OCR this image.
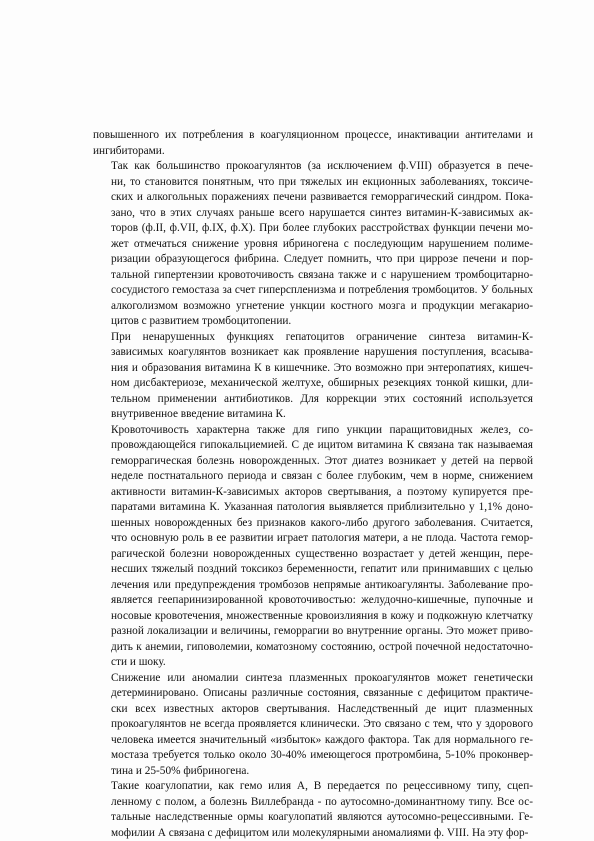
повышенного их потребления в коагуляционном процессе, инактивации антителами и
ингибиторами.

Так как большинство прокоагулянтов (за исключением ф.VIII) образуется в пече-
ни, то становится понятным, что при тяжелых ин екционных заболеваниях, токсиче-
ских и алкогольных поражениях печени развивается геморрагический синдром. Пока-
зано, что в этих случаях раньше всего нарушается синтез витамин-К-зависимых ак-
торов (ф.II, ф.VII, ф.IX, ф.X). При более глубоких расстройствах функции печени мо-
жет отмечаться снижение уровня ибриногена с последующим нарушением полиме-
ризации образующегося фибрина. Следует помнить, что при циррозе печени и пор-
тальной гипертензии кровоточивость связана также и с нарушением тромбоцитарно-
сосудистого гемостаза за счет гиперспленизма и потребления тромбоцитов. У больных
алкоголизмом возможно угнетение ункции костного мозга и продукции мегакарио-
цитов с развитием тромбоцитопении.

При ненарушенных функциях гепатоцитов ограничение синтеза витамин-К-
зависимых коагулянтов возникает как проявление нарушения поступления, всасыва-
ния и образования витамина К в кишечнике. Это возможно при энтеропатиях, кишеч-
ном дисбактериозе, механической желтухе, обширных резекциях тонкой кишки, дли-
тельном применении антибиотиков. Для коррекции этих состояний используется
внутривенное введение витамина К.

Кровоточивость характерна также для гипо ункции паращитовидных желез, со-
провождающейся гипокальциемией. С де ицитом витамина К связана так называемая
геморрагическая болезнь новорожденных. Этот диатез возникает у детей на первой
неделе постнатального периода и связан с более глубоким, чем в норме, снижением
активности витамин-К-зависимых акторов свертывания, а поэтому купируется пре-
паратами витамина К. Указанная патология выявляется приблизительно у 1,1% доно-
шенных новорожденных без признаков какого-либо другого заболевания. Считается,
что основную роль в ее развитии играет патология матери, а не плода. Частота гемор-
рагической болезни новорожденных существенно возрастает у детей женщин, пере-
несших тяжелый поздний токсикоз беременности, гепатит или принимавших с целью
лечения или предупреждения тромбозов непрямые антикоагулянты. Заболевание про-
является геепаринизированной кровоточивостью: желудочно-кишечные, пупочные и
носовые кровотечения, множественные кровоизлияния в кожу и подкожную клетчатку
разной локализации и величины, геморрагии во внутренние органы. Это может приво-
дить к анемии, гиповолемии, коматозному состоянию, острой почечной недостаточно-
сти и шоку.

Снижение или аномалии синтеза плазменных прокоагулянтов может генетически
детерминировано. Описаны различные состояния, связанные с дефицитом практиче-
ски всех известных акторов свертывания. Наследственный де ицит плазменных
прокоагулянтов не всегда проявляется клинически. Это связано с тем, что у здорового
человека имеется значительный «избыток» каждого фактора. Так для нормального ге-
мостаза требуется только около 30-40% имеющегося протромбина, 5-10% проконвер-
тина и 25-50% фибриногена.

Такие коагулопатии, как гемо илия А, В передается по рецессивному типу, сцеп-
ленному с полом, а болезнь Виллебранда - по аутосомно-доминантному типу. Все ос-
тальные наследственные ормы коагулопатий являются аутосомно-рецессивными. Ге-
мофилии А связана с дефицитом или молекулярными аномалиями ф. VIII. На эту фор-
